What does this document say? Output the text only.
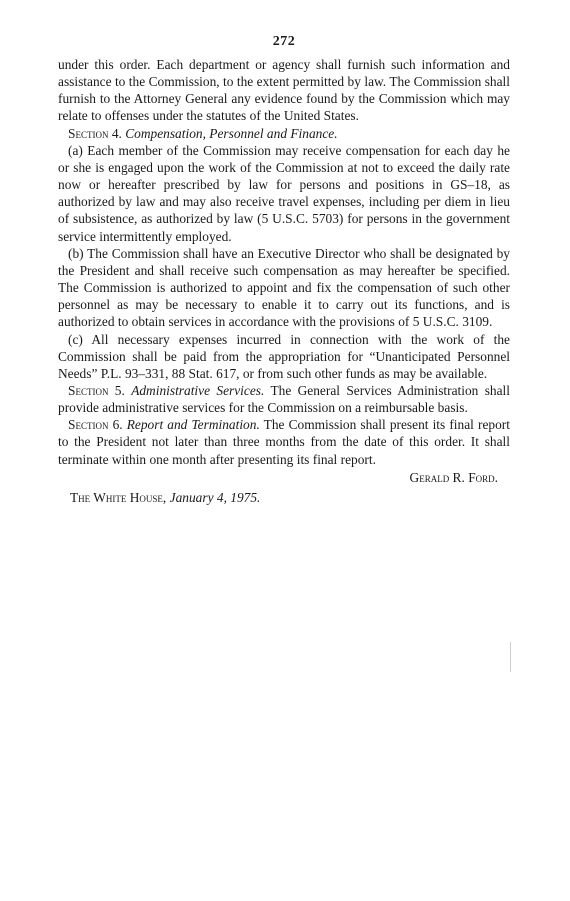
272

under this order. Each department or agency shall furnish such information and assistance to the Commission, to the extent permitted by law. The Commission shall furnish to the Attorney General any evidence found by the Commission which may relate to offenses under the statutes of the United States.

Section 4. Compensation, Personnel and Finance.

(a) Each member of the Commission may receive compensation for each day he or she is engaged upon the work of the Commission at not to exceed the daily rate now or hereafter prescribed by law for persons and positions in GS–18, as authorized by law and may also receive travel expenses, including per diem in lieu of subsistence, as authorized by law (5 U.S.C. 5703) for persons in the government service intermittently employed.

(b) The Commission shall have an Executive Director who shall be designated by the President and shall receive such compensation as may hereafter be specified. The Commission is authorized to appoint and fix the compensation of such other personnel as may be necessary to enable it to carry out its functions, and is authorized to obtain services in accordance with the provisions of 5 U.S.C. 3109.

(c) All necessary expenses incurred in connection with the work of the Commission shall be paid from the appropriation for “Unanticipated Personnel Needs” P.L. 93–331, 88 Stat. 617, or from such other funds as may be available.

Section 5. Administrative Services. The General Services Administration shall provide administrative services for the Commission on a reimbursable basis.

Section 6. Report and Termination. The Commission shall present its final report to the President not later than three months from the date of this order. It shall terminate within one month after presenting its final report.

Gerald R. Ford.
The White House, January 4, 1975.
